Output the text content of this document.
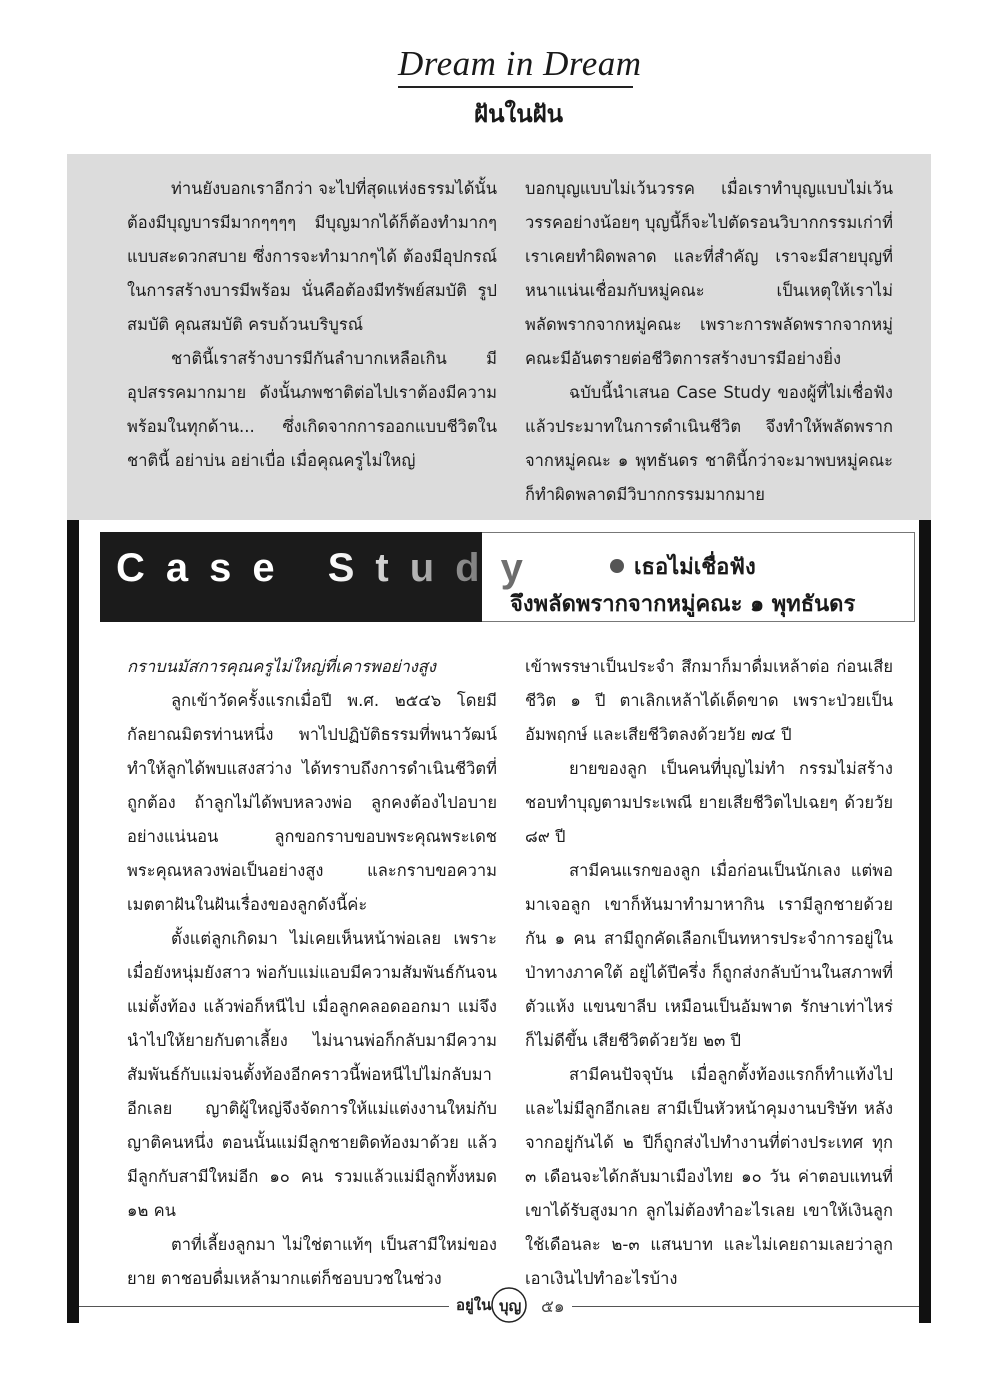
Dream in Dream
ฝันในฝัน

ท่านยังบอกเราอีกว่า จะไปที่สุดแห่งธรรมได้นั้น ต้องมีบุญบารมีมากๆๆๆๆ มีบุญมากได้ก็ต้องทำมากๆ แบบสะดวกสบาย ซึ่งการจะทำมากๆได้ ต้องมีอุปกรณ์ในการสร้างบารมีพร้อม นั่นคือต้องมีทรัพย์สมบัติ รูปสมบัติ คุณสมบัติ ครบถ้วนบริบูรณ์

ชาตินี้เราสร้างบารมีกันลำบากเหลือเกิน มีอุปสรรคมากมาย ดังนั้นภพชาติต่อไปเราต้องมีความพร้อมในทุกด้าน... ซึ่งเกิดจากการออกแบบชีวิตในชาตินี้ อย่าบ่น อย่าเบื่อ เมื่อคุณครูไม่ใหญ่

บอกบุญแบบไม่เว้นวรรค เมื่อเราทำบุญแบบไม่เว้นวรรคอย่างน้อยๆ บุญนี้ก็จะไปตัดรอนวิบากกรรมเก่าที่เราเคยทำผิดพลาด และที่สำคัญ เราจะมีสายบุญที่หนาแน่นเชื่อมกับหมู่คณะ เป็นเหตุให้เราไม่พลัดพรากจากหมู่คณะ เพราะการพลัดพรากจากหมู่คณะมีอันตรายต่อชีวิตการสร้างบารมีอย่างยิ่ง

ฉบับนี้นำเสนอ Case Study ของผู้ที่ไม่เชื่อฟังแล้วประมาทในการดำเนินชีวิต จึงทำให้พลัดพรากจากหมู่คณะ ๑ พุทธันดร ชาตินี้กว่าจะมาพบหมู่คณะ ก็ทำผิดพลาดมีวิบากกรรมมากมาย

Case Study	เธอไม่เชื่อฟัง
จึงพลัดพรากจากหมู่คณะ ๑ พุทธันดร

กราบนมัสการคุณครูไม่ใหญ่ที่เคารพอย่างสูง

ลูกเข้าวัดครั้งแรกเมื่อปี พ.ศ. ๒๕๔๖ โดยมีกัลยาณมิตรท่านหนึ่ง พาไปปฏิบัติธรรมที่พนาวัฒน์ ทำให้ลูกได้พบแสงสว่าง ได้ทราบถึงการดำเนินชีวิตที่ถูกต้อง ถ้าลูกไม่ได้พบหลวงพ่อ ลูกคงต้องไปอบายอย่างแน่นอน ลูกขอกราบขอบพระคุณพระเดชพระคุณหลวงพ่อเป็นอย่างสูง และกราบขอความเมตตาฝันในฝันเรื่องของลูกดังนี้ค่ะ

ตั้งแต่ลูกเกิดมา ไม่เคยเห็นหน้าพ่อเลย เพราะเมื่อยังหนุ่มยังสาว พ่อกับแม่แอบมีความสัมพันธ์กันจนแม่ตั้งท้อง แล้วพ่อก็หนีไป เมื่อลูกคลอดออกมา แม่จึงนำไปให้ยายกับตาเลี้ยง ไม่นานพ่อก็กลับมามีความสัมพันธ์กับแม่จนตั้งท้องอีกคราวนี้พ่อหนีไปไม่กลับมาอีกเลย ญาติผู้ใหญ่จึงจัดการให้แม่แต่งงานใหม่กับญาติคนหนึ่ง ตอนนั้นแม่มีลูกชายติดท้องมาด้วย แล้วมีลูกกับสามีใหม่อีก ๑๐ คน รวมแล้วแม่มีลูกทั้งหมด ๑๒ คน

ตาที่เลี้ยงลูกมา ไม่ใช่ตาแท้ๆ เป็นสามีใหม่ของยาย ตาชอบดื่มเหล้ามากแต่ก็ชอบบวชในช่วง

เข้าพรรษาเป็นประจำ สึกมาก็มาดื่มเหล้าต่อ ก่อนเสียชีวิต ๑ ปี ตาเลิกเหล้าได้เด็ดขาด เพราะป่วยเป็นอัมพฤกษ์ และเสียชีวิตลงด้วยวัย ๗๔ ปี

ยายของลูก เป็นคนที่บุญไม่ทำ กรรมไม่สร้าง ชอบทำบุญตามประเพณี ยายเสียชีวิตไปเฉยๆ ด้วยวัย ๘๙ ปี

สามีคนแรกของลูก เมื่อก่อนเป็นนักเลง แต่พอมาเจอลูก เขาก็หันมาทำมาหากิน เรามีลูกชายด้วยกัน ๑ คน สามีถูกคัดเลือกเป็นทหารประจำการอยู่ในป่าทางภาคใต้ อยู่ได้ปีครึ่ง ก็ถูกส่งกลับบ้านในสภาพที่ตัวแห้ง แขนขาลีบ เหมือนเป็นอัมพาต รักษาเท่าไหร่ก็ไม่ดีขึ้น เสียชีวิตด้วยวัย ๒๓ ปี

สามีคนปัจจุบัน เมื่อลูกตั้งท้องแรกก็ทำแท้งไป และไม่มีลูกอีกเลย สามีเป็นหัวหน้าคุมงานบริษัท หลังจากอยู่กันได้ ๒ ปีก็ถูกส่งไปทำงานที่ต่างประเทศ ทุก ๓ เดือนจะได้กลับมาเมืองไทย ๑๐ วัน ค่าตอบแทนที่เขาได้รับสูงมาก ลูกไม่ต้องทำอะไรเลย เขาให้เงินลูกใช้เดือนละ ๒-๓ แสนบาท และไม่เคยถามเลยว่าลูกเอาเงินไปทำอะไรบ้าง

อยู่ใน บุญ ๕๑
